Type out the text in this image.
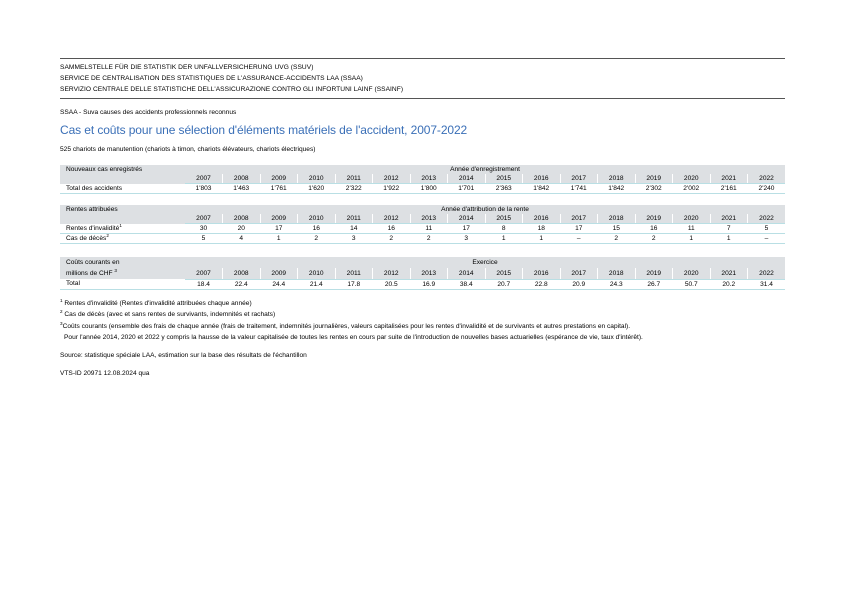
SAMMELSTELLE FÜR DIE STATISTIK DER UNFALLVERSICHERUNG UVG (SSUV)
SERVICE DE CENTRALISATION DES STATISTIQUES DE L'ASSURANCE-ACCIDENTS LAA (SSAA)
SERVIZIO CENTRALE DELLE STATISTICHE DELL'ASSICURAZIONE CONTRO GLI INFORTUNI LAINF (SSAINF)
SSAA - Suva causes des accidents professionnels reconnus
Cas et coûts pour une sélection d'éléments matériels de l'accident, 2007-2022
525 chariots de manutention (chariots à timon, chariots élévateurs, chariots électriques)
Nouveaux cas enregistrés	Année d'enregistrement															
	2007	2008	2009	2010	2011	2012	2013	2014	2015	2016	2017	2018	2019	2020	2021	2022
Total des accidents	1'803	1'463	1'761	1'620	2'322	1'922	1'800	1'701	2'363	1'842	1'741	1'842	2'302	2'002	2'161	2'240
Rentes attribuées	Année d'attribution de la rente															
	2007	2008	2009	2010	2011	2012	2013	2014	2015	2016	2017	2018	2019	2020	2021	2022
Rentes d'invalidité$^1$	30	20	17	16	14	16	11	17	8	18	17	15	16	11	7	5
Cas de décès$^2$	5	4	1	2	3	2	2	3	1	1	–	2	2	1	1	–
Coûts courants en
millions de CHF $^3$	Exercice															
	2007	2008	2009	2010	2011	2012	2013	2014	2015	2016	2017	2018	2019	2020	2021	2022
Total	18.4	22.4	24.4	21.4	17.8	20.5	16.9	38.4	20.7	22.8	20.9	24.3	26.7	50.7	20.2	31.4
$^1$ Rentes d'invalidité (Rentes d'invalidité attribuées chaque année)
$^2$ Cas de décès (avec et sans rentes de survivants, indemnités et rachats)
$^3$Coûts courants (ensemble des frais de chaque année (frais de traitement, indemnités journalières, valeurs capitalisées pour les rentes d'invalidité et de survivants et autres prestations en capital).
Pour l'année 2014, 2020 et 2022 y compris la hausse de la valeur capitalisée de toutes les rentes en cours par suite de l'introduction de nouvelles bases actuarielles (espérance de vie, taux d'intérêt).
Source: statistique spéciale LAA, estimation sur la base des résultats de l'échantillon
VTS-ID 20971 12.08.2024 qua
